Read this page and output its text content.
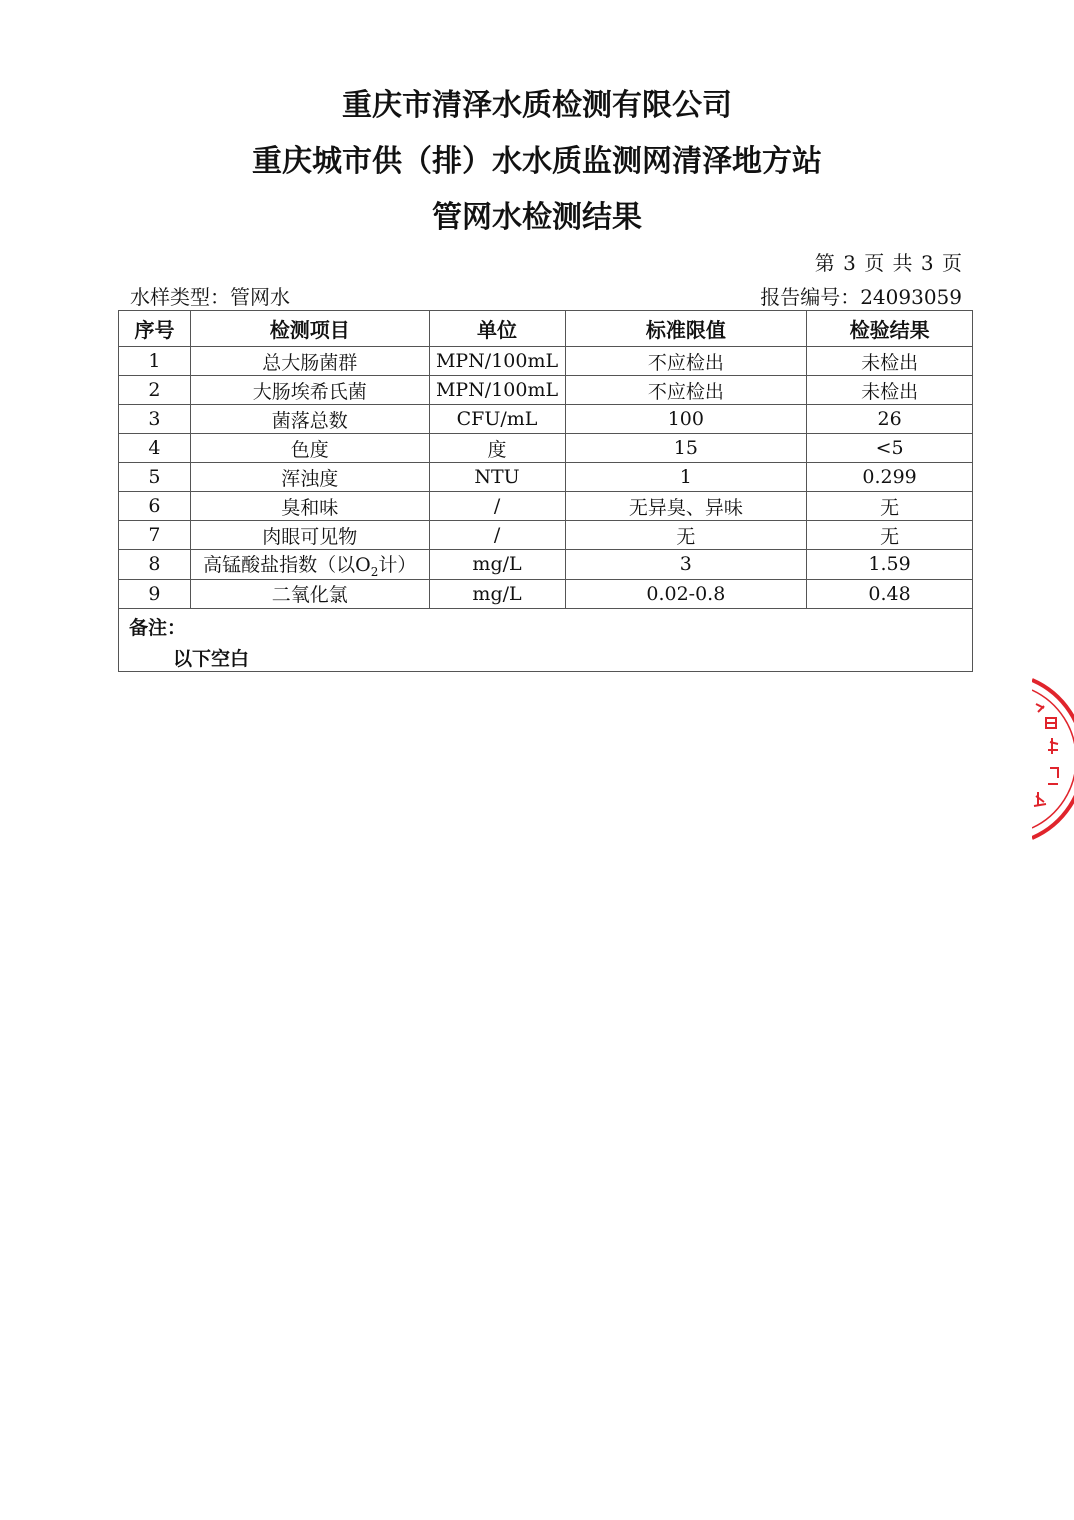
重庆市清泽水质检测有限公司
重庆城市供（排）水水质监测网清泽地方站
管网水检测结果
第 3 页 共 3 页
水样类型：管网水	报告编号：24093059
序号	检测项目	单位	标准限值	检验结果
1	总大肠菌群	MPN/100mL	不应检出	未检出
2	大肠埃希氏菌	MPN/100mL	不应检出	未检出
3	菌落总数	CFU/mL	100	26
4	色度	度	15	<5
5	浑浊度	NTU	1	0.299
6	臭和味	/	无异臭、异味	无
7	肉眼可见物	/	无	无
8	高锰酸盐指数（以$O_2$计）	mg/L	3	1.59
9	二氧化氯	mg/L	0.02-0.8	0.48

备注：
以下空白				
